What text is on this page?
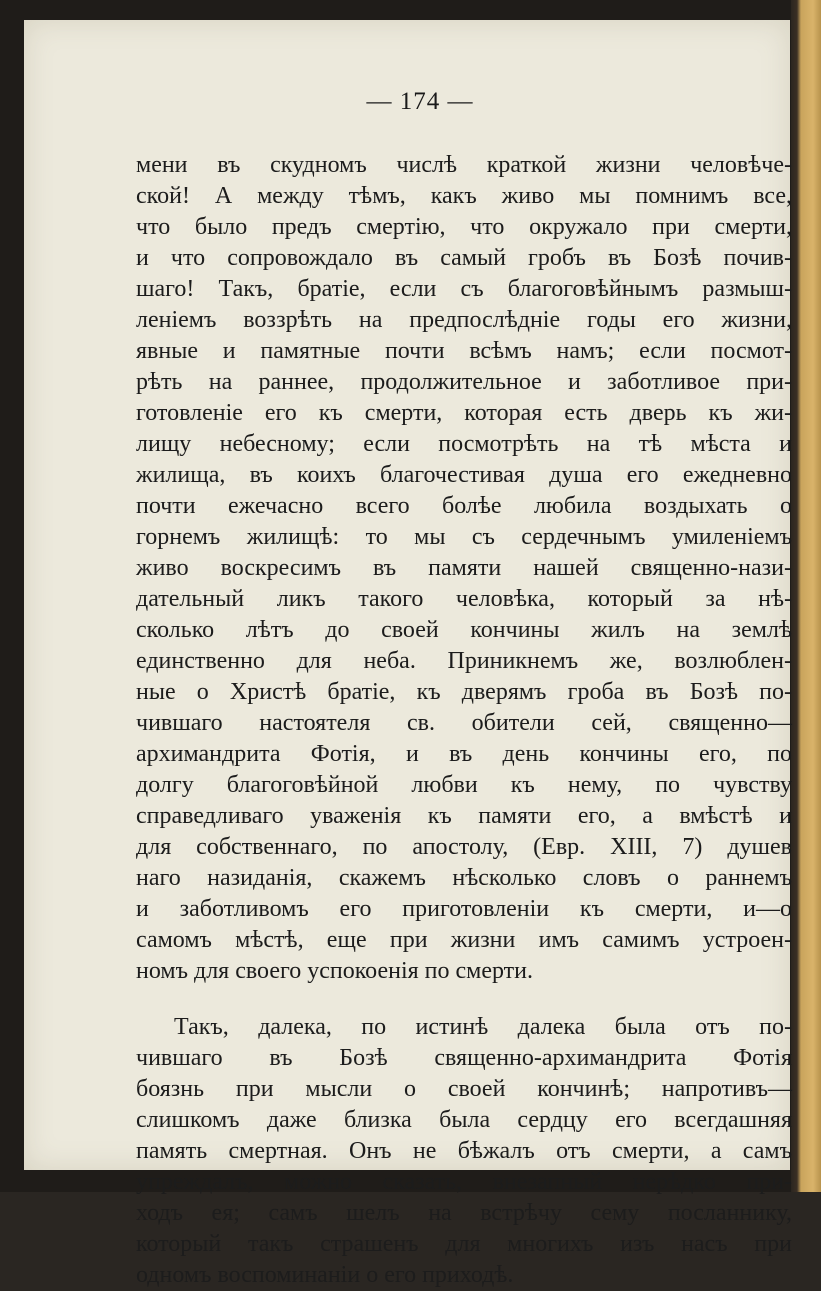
— 174 —
мени въ скудномъ числѣ краткой жизни человѣче-
ской! А между тѣмъ, какъ живо мы помнимъ все,
что было предъ смертію, что окружало при смерти,
и что сопровождало въ самый гробъ въ Бозѣ почив-
шаго! Такъ, братіе, если съ благоговѣйнымъ размыш-
леніемъ воззрѣть на предпослѣдніе годы его жизни,
явные и памятные почти всѣмъ намъ; если посмот-
рѣть на раннее, продолжительное и заботливое при-
готовленіе его къ смерти, которая есть дверь къ жи-
лищу небесному; если посмотрѣть на тѣ мѣста и
жилища, въ коихъ благочестивая душа его ежедневно
почти ежечасно всего болѣе любила воздыхать о
горнемъ жилищѣ: то мы съ сердечнымъ умиленіемъ
живо воскресимъ въ памяти нашей священно-нази-
дательный ликъ такого человѣка, который за нѣ-
сколько лѣтъ до своей кончины жилъ на землѣ
единственно для неба. Приникнемъ же, возлюблен-
ные о Христѣ братіе, къ дверямъ гроба въ Бозѣ по-
чившаго настоятеля св. обители сей, священно—
архимандрита Фотія, и въ день кончины его, по
долгу благоговѣйной любви къ нему, по чувству
справедливаго уваженія къ памяти его, а вмѣстѣ и
для собственнаго, по апостолу, (Евр. XIII, 7) душев
наго назиданія, скажемъ нѣсколько словъ о раннемъ
и заботливомъ его приготовленіи къ смерти, и—о
самомъ мѣстѣ, еще при жизни имъ самимъ устроен-
номъ для своего успокоенія по смерти.
Такъ, далека, по истинѣ далека была отъ по-
чившаго въ Бозѣ священно-архимандрита Фотія
боязнь при мысли о своей кончинѣ; напротивъ—
слишкомъ даже близка была сердцу его всегдашняя
память смертная. Онъ не бѣжалъ отъ смерти, а самъ
упреждалъ, можно сказать, внезапный нерѣдко при-
ходъ ея; самъ шелъ на встрѣчу сему посланнику,
который такъ страшенъ для многихъ изъ насъ при
одномъ воспоминаніи о его приходѣ.
